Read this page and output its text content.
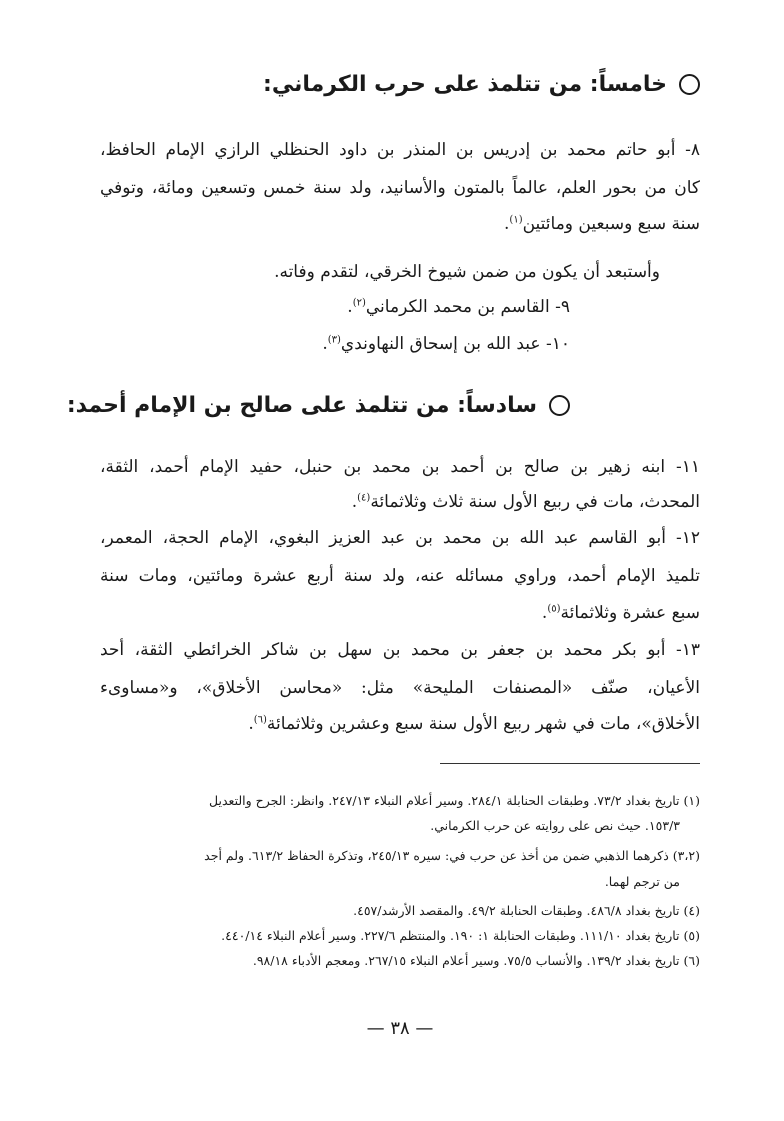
خامساً: من تتلمذ على حرب الكرماني:
٨- أبو حاتم محمد بن إدريس بن المنذر بن داود الحنظلي الرازي الإمام الحافظ،
كان من بحور العلم، عالماً بالمتون والأسانيد، ولد سنة خمس وتسعين ومائة، وتوفي
سنة سبع وسبعين ومائتين$^{(١)}$.
وأستبعد أن يكون من ضمن شيوخ الخرقي، لتقدم وفاته.
٩- القاسم بن محمد الكرماني$^{(٢)}$.
١٠- عبد الله بن إسحاق النهاوندي$^{(٣)}$.
سادساً: من تتلمذ على صالح بن الإمام أحمد:
١١- ابنه زهير بن صالح بن أحمد بن محمد بن حنبل، حفيد الإمام أحمد، الثقة،
المحدث، مات في ربيع الأول سنة ثلاث وثلاثمائة$^{(٤)}$.
١٢- أبو القاسم عبد الله بن محمد بن عبد العزيز البغوي، الإمام الحجة، المعمر،
تلميذ الإمام أحمد، وراوي مسائله عنه، ولد سنة أربع عشرة ومائتين، ومات سنة
سبع عشرة وثلاثمائة$^{(٥)}$.
١٣- أبو بكر محمد بن جعفر بن محمد بن سهل بن شاكر الخرائطي الثقة، أحد
الأعيان، صنّف «المصنفات المليحة» مثل: «محاسن الأخلاق»، و«مساوىء
الأخلاق»، مات في شهر ربيع الأول سنة سبع وعشرين وثلاثمائة$^{(٦)}$.
(١) تاريخ بغداد ٧٣/٢. وطبقات الحنابلة ٢٨٤/١. وسير أعلام النبلاء ٢٤٧/١٣. وانظر: الجرح والتعديل
١٥٣/٣. حيث نص على روايته عن حرب الكرماني.
(٣،٢) ذكرهما الذهبي ضمن من أخذ عن حرب في: سيره ٢٤٥/١٣، وتذكرة الحفاظ ٦١٣/٢. ولم أجد
من ترجم لهما.
(٤) تاريخ بغداد ٤٨٦/٨. وطبقات الحنابلة ٤٩/٢. والمقصد الأرشد/٤٥٧.
(٥) تاريخ بغداد ١١١/١٠. وطبقات الحنابلة ١: ١٩٠. والمنتظم ٢٢٧/٦. وسير أعلام النبلاء ٤٤٠/١٤.
(٦) تاريخ بغداد ١٣٩/٢. والأنساب ٧٥/٥. وسير أعلام النبلاء ٢٦٧/١٥. ومعجم الأدباء ٩٨/١٨.
— ٣٨ —
